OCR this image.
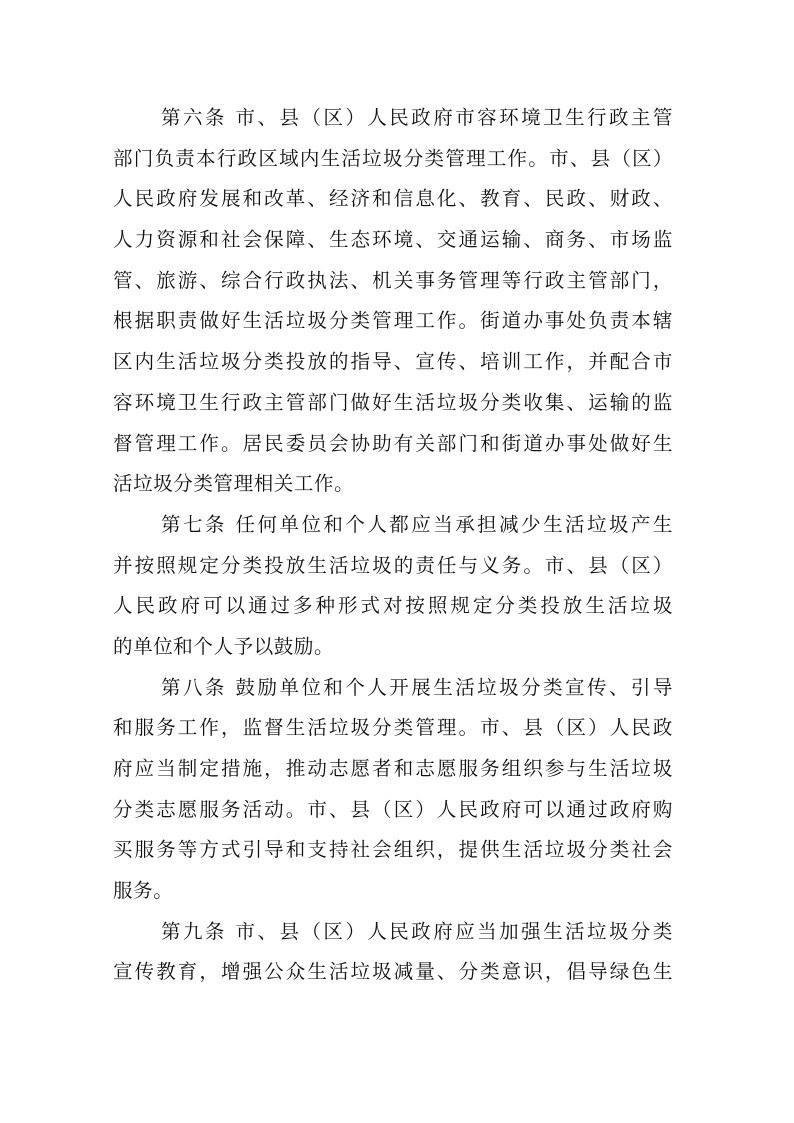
第六条 市、县（区）人民政府市容环境卫生行政主管
部门负责本行政区域内生活垃圾分类管理工作。市、县（区）
人民政府发展和改革、经济和信息化、教育、民政、财政、
人力资源和社会保障、生态环境、交通运输、商务、市场监
管、旅游、综合行政执法、机关事务管理等行政主管部门，
根据职责做好生活垃圾分类管理工作。街道办事处负责本辖
区内生活垃圾分类投放的指导、宣传、培训工作，并配合市
容环境卫生行政主管部门做好生活垃圾分类收集、运输的监
督管理工作。居民委员会协助有关部门和街道办事处做好生
活垃圾分类管理相关工作。
第七条 任何单位和个人都应当承担减少生活垃圾产生
并按照规定分类投放生活垃圾的责任与义务。市、县（区）
人民政府可以通过多种形式对按照规定分类投放生活垃圾
的单位和个人予以鼓励。
第八条 鼓励单位和个人开展生活垃圾分类宣传、引导
和服务工作，监督生活垃圾分类管理。市、县（区）人民政
府应当制定措施，推动志愿者和志愿服务组织参与生活垃圾
分类志愿服务活动。市、县（区）人民政府可以通过政府购
买服务等方式引导和支持社会组织，提供生活垃圾分类社会
服务。
第九条 市、县（区）人民政府应当加强生活垃圾分类
宣传教育，增强公众生活垃圾减量、分类意识，倡导绿色生
